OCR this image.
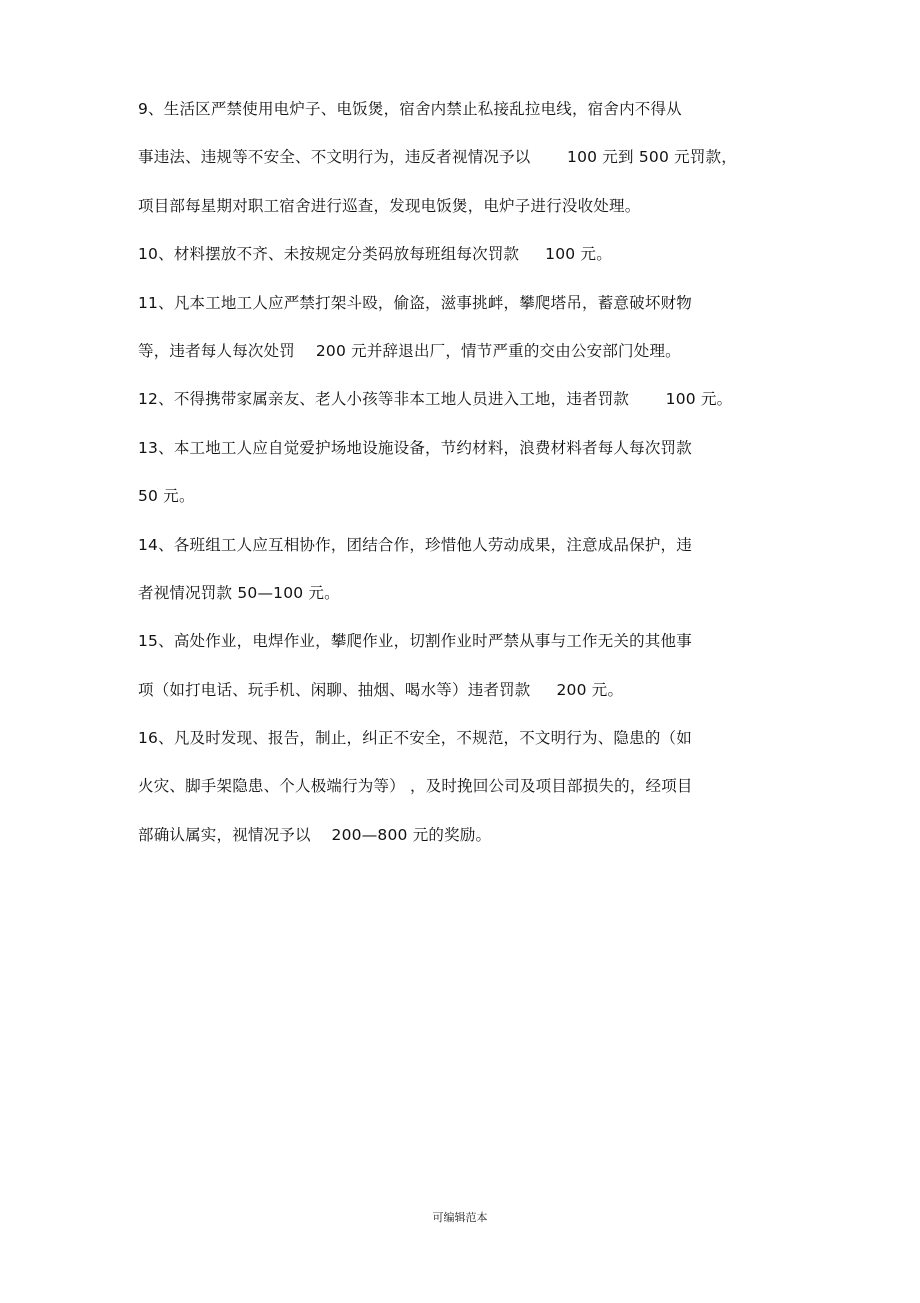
9、生活区严禁使用电炉子、电饭煲，宿舍内禁止私接乱拉电线，宿舍内不得从
事违法、违规等不安全、不文明行为，违反者视情况予以 　　100 元到 500 元罚款，
项目部每星期对职工宿舍进行巡查，发现电饭煲，电炉子进行没收处理。
10、材料摆放不齐、未按规定分类码放每班组每次罚款 　 100 元。
11、凡本工地工人应严禁打架斗殴，偷盗，滋事挑衅，攀爬塔吊，蓄意破坏财物
等，违者每人每次处罚 　200 元并辞退出厂，情节严重的交由公安部门处理。
12、不得携带家属亲友、老人小孩等非本工地人员进入工地，违者罚款 　　100 元。
13、本工地工人应自觉爱护场地设施设备，节约材料，浪费材料者每人每次罚款
50 元。
14、各班组工人应互相协作，团结合作，珍惜他人劳动成果，注意成品保护，违
者视情况罚款 50—100 元。
15、高处作业，电焊作业，攀爬作业，切割作业时严禁从事与工作无关的其他事
项（如打电话、玩手机、闲聊、抽烟、喝水等）违者罚款 　 200 元。
16、凡及时发现、报告，制止，纠正不安全，不规范，不文明行为、隐患的（如
火灾、脚手架隐患、个人极端行为等） ，及时挽回公司及项目部损失的，经项目
部确认属实，视情况予以 　200—800 元的奖励。
可编辑范本
